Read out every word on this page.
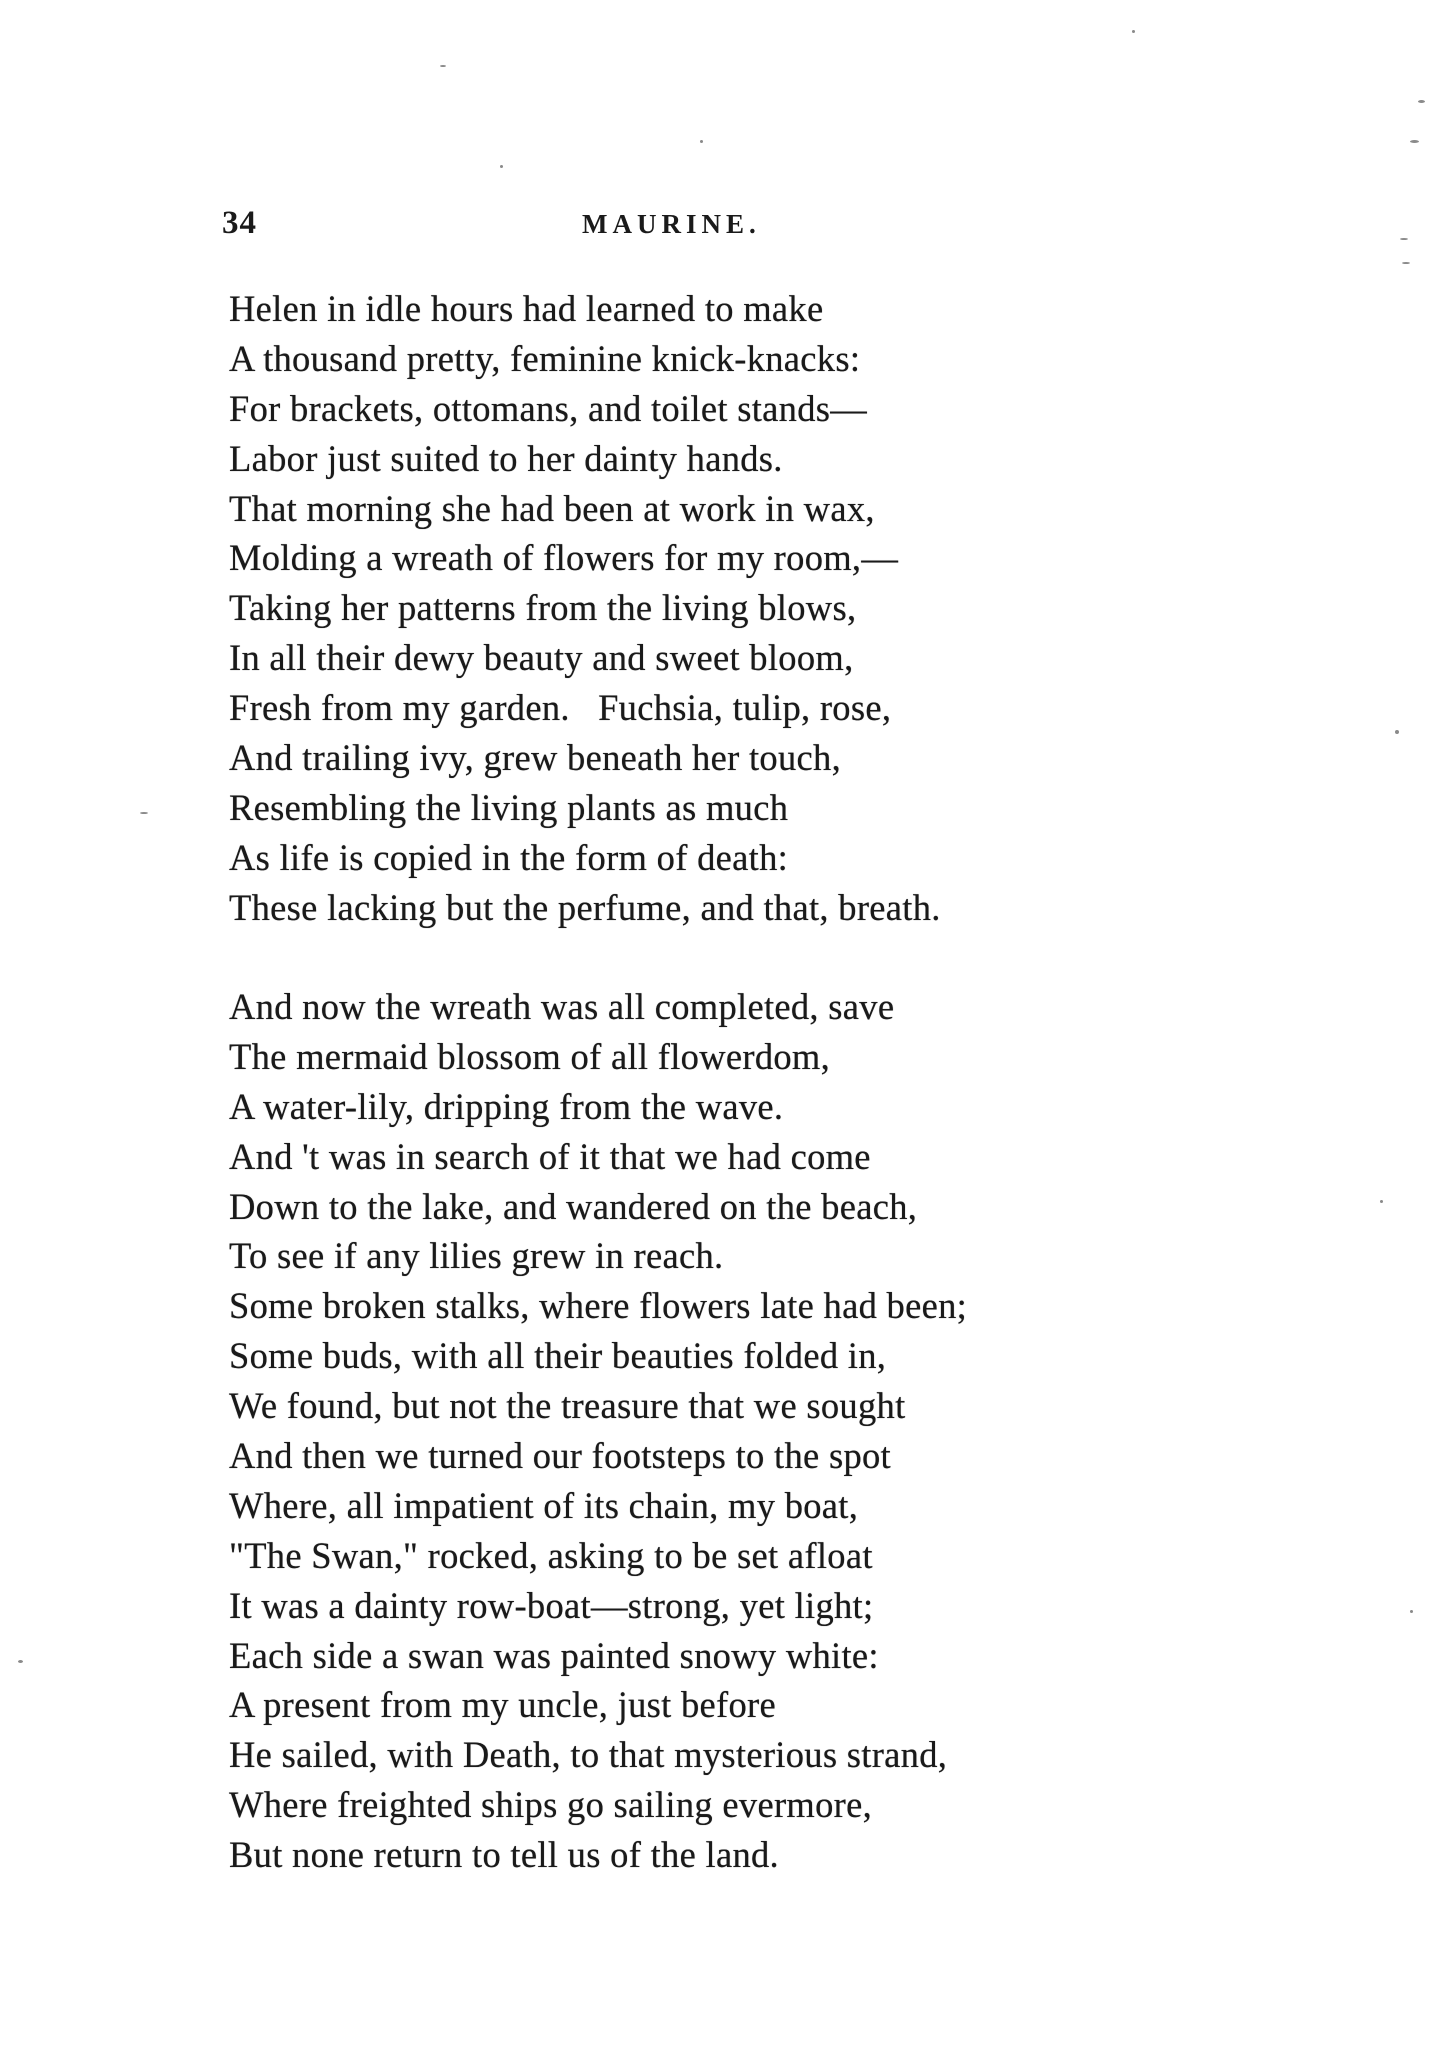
34	MAURINE.
Helen in idle hours had learned to make
A thousand pretty, feminine knick-knacks:
For brackets, ottomans, and toilet stands—
Labor just suited to her dainty hands.
That morning she had been at work in wax,
Molding a wreath of flowers for my room,—
Taking her patterns from the living blows,
In all their dewy beauty and sweet bloom,
Fresh from my garden.   Fuchsia, tulip, rose,
And trailing ivy, grew beneath her touch,
Resembling the living plants as much
As life is copied in the form of death:
These lacking but the perfume, and that, breath.
And now the wreath was all completed, save
The mermaid blossom of all flowerdom,
A water-lily, dripping from the wave.
And 't was in search of it that we had come
Down to the lake, and wandered on the beach,
To see if any lilies grew in reach.
Some broken stalks, where flowers late had been;
Some buds, with all their beauties folded in,
We found, but not the treasure that we sought
And then we turned our footsteps to the spot
Where, all impatient of its chain, my boat,
"The Swan," rocked, asking to be set afloat
It was a dainty row-boat—strong, yet light;
Each side a swan was painted snowy white:
A present from my uncle, just before
He sailed, with Death, to that mysterious strand,
Where freighted ships go sailing evermore,
But none return to tell us of the land.
